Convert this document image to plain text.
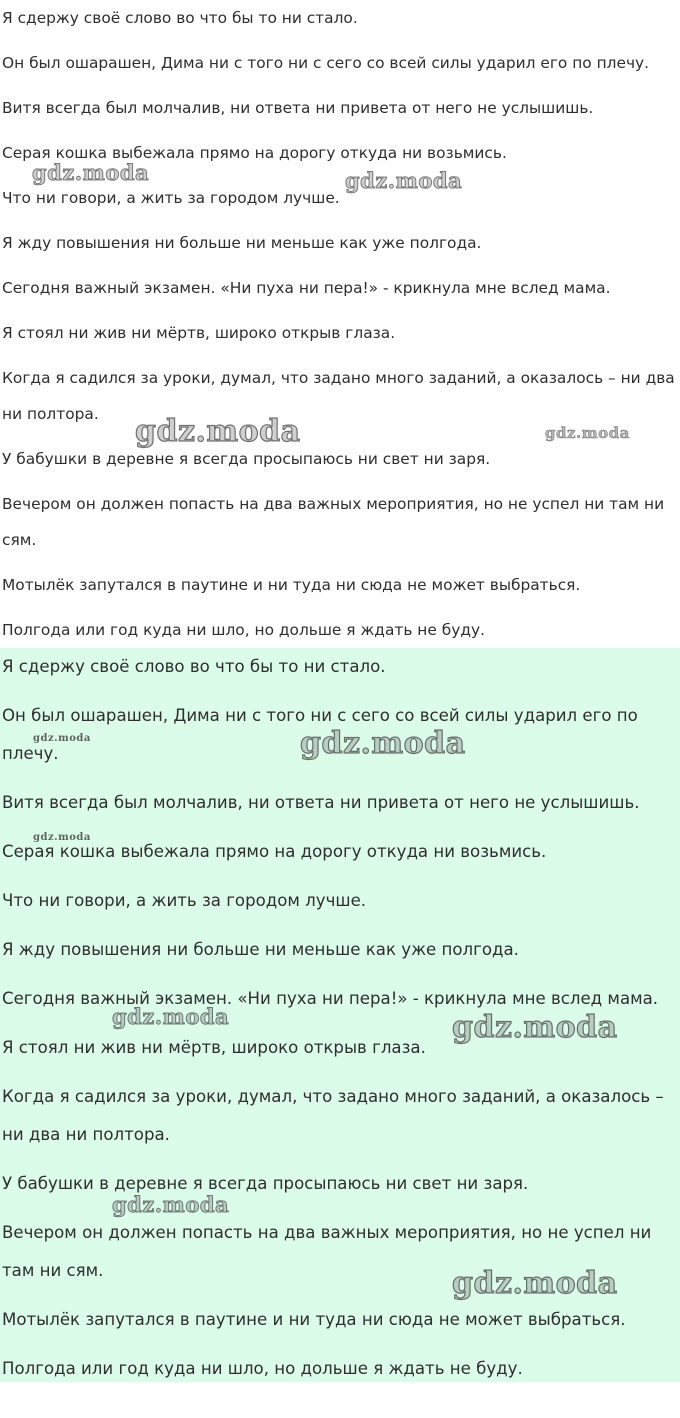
Я сдержу своё слово во что бы то ни стало.

Он был ошарашен, Дима ни с того ни с сего со всей силы ударил его по плечу.

Витя всегда был молчалив, ни ответа ни привета от него не услышишь.

Серая кошка выбежала прямо на дорогу откуда ни возьмись.

Что ни говори, а жить за городом лучше.

Я жду повышения ни больше ни меньше как уже полгода.

Сегодня важный экзамен. «Ни пуха ни пера!» - крикнула мне вслед мама.

Я стоял ни жив ни мёртв, широко открыв глаза.

Когда я садился за уроки, думал, что задано много заданий, а оказалось – ни два ни полтора.

У бабушки в деревне я всегда просыпаюсь ни свет ни заря.

Вечером он должен попасть на два важных мероприятия, но не успел ни там ни сям.

Мотылёк запутался в паутине и ни туда ни сюда не может выбраться.

Полгода или год куда ни шло, но дольше я ждать не буду.

Я сдержу своё слово во что бы то ни стало.

Он был ошарашен, Дима ни с того ни с сего со всей силы ударил его по плечу.

Витя всегда был молчалив, ни ответа ни привета от него не услышишь.

Серая кошка выбежала прямо на дорогу откуда ни возьмись.

Что ни говори, а жить за городом лучше.

Я жду повышения ни больше ни меньше как уже полгода.

Сегодня важный экзамен. «Ни пуха ни пера!» - крикнула мне вслед мама.

Я стоял ни жив ни мёртв, широко открыв глаза.

Когда я садился за уроки, думал, что задано много заданий, а оказалось – ни два ни полтора.

У бабушки в деревне я всегда просыпаюсь ни свет ни заря.

Вечером он должен попасть на два важных мероприятия, но не успел ни там ни сям.

Мотылёк запутался в паутине и ни туда ни сюда не может выбраться.

Полгода или год куда ни шло, но дольше я ждать не буду.

gdz.moda	gdz.moda
gdz.moda	gdz.moda
gdz.moda	gdz.moda
gdz.moda
gdz.moda	gdz.moda
gdz.moda
gdz.moda
